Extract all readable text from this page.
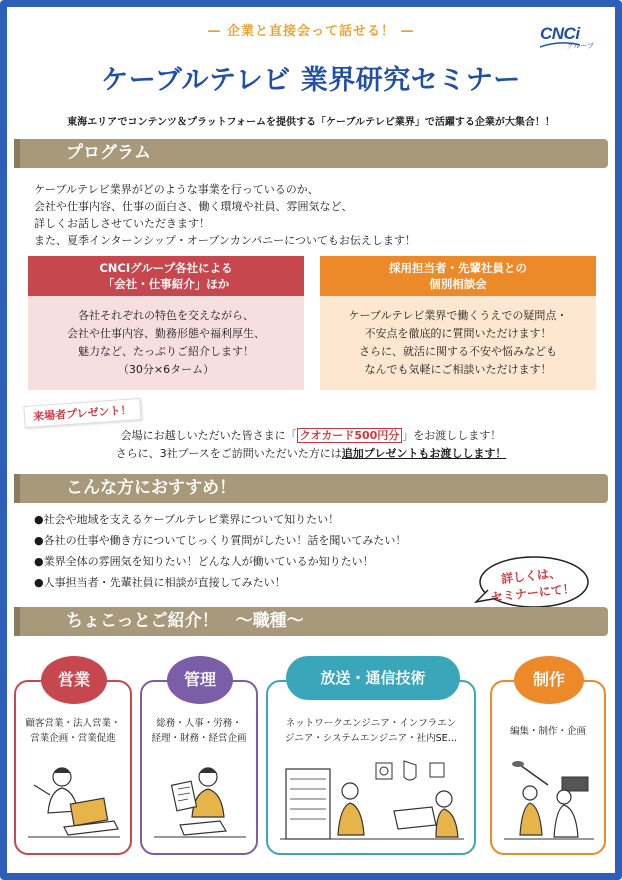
— 企業と直接会って話せる！ —	CNCi
グループ
ケーブルテレビ 業界研究セミナー
東海エリアでコンテンツ＆プラットフォームを提供する「ケーブルテレビ業界」で活躍する企業が大集合！！
プログラム
ケーブルテレビ業界がどのような事業を行っているのか、
会社や仕事内容、仕事の面白さ、働く環境や社員、雰囲気など、
詳しくお話しさせていただきます！
また、夏季インターンシップ・オープンカンパニーについてもお伝えします！
CNCIグループ各社による
「会社・仕事紹介」ほか
各社それぞれの特色を交えながら、
会社や仕事内容、勤務形態や福利厚生、
魅力など、たっぷりご紹介します！
（30分×6ターム）
採用担当者・先輩社員との
個別相談会
ケーブルテレビ業界で働くうえでの疑問点・
不安点を徹底的に質問いただけます！
さらに、就活に関する不安や悩みなども
なんでも気軽にご相談いただけます！
来場者プレゼント！
会場にお越しいただいた皆さまに「 クオカード500円分 」をお渡しします！
さらに、3社ブースをご訪問いただいた方には追加プレゼントもお渡しします！
こんな方におすすめ！
●社会や地域を支えるケーブルテレビ業界について知りたい！
●各社の仕事や働き方についてじっくり質問がしたい！話を聞いてみたい！
●業界全体の雰囲気を知りたい！どんな人が働いているか知りたい！
●人事担当者・先輩社員に相談が直接してみたい！	詳しくは、
セミナーにて！
ちょこっとご紹介！　～職種～
営業
顧客営業・法人営業・
営業企画・営業促進
管理
総務・人事・労務・
経理・財務・経営企画
放送・通信技術
ネットワークエンジニア・インフラエン
ジニア・システムエンジニア・社内SE…
制作
編集・制作・企画
